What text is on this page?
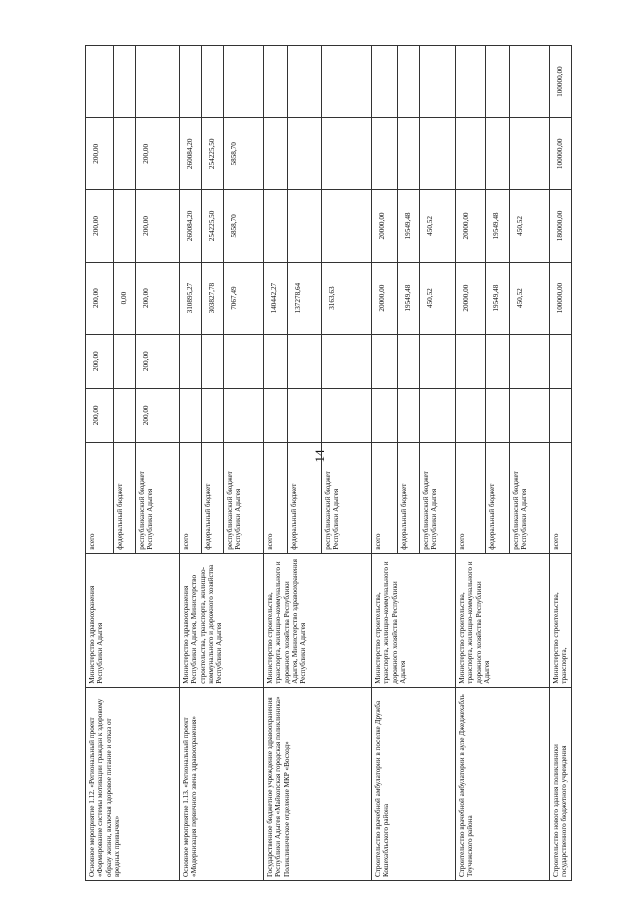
14
Основное мероприятие 1.12. «Региональный проект «Формирование системы мотивации граждан к здоровому образу жизни, включая здоровое питание и отказ от вредных привычек»	Министерство здравоохранения Республики Адыгея	всего	200,00	200,00	200,00	200,00	200,00	
		федеральный бюджет			0,00			
		республиканский бюджет Республики Адыгея	200,00	200,00	200,00	200,00	200,00	
Основное мероприятие 1.13. «Региональный проект «Модернизация первичного звена здравоохранения»	Министерство здравоохранения Республики Адыгея, Министерство строительства, транспорта, жилищно-коммунального и дорожного хозяйства Республики Адыгея	всего			310895,27	260084,20	260084,20	
		федеральный бюджет			303827,78	254225,50	254225,50	
		республиканский бюджет Республики Адыгея			7067,49	5858,70	5858,70	
Государственное бюджетное учреждение здравоохранения Республики Адыгея «Майкопская городская поликлиника» Поликлиническое отделение МКР «Восход»	Министерство строительства, транспорта, жилищно-коммунального и дорожного хозяйства Республики Адыгея, Министерство здравоохранения Республики Адыгея	всего			140442,27			
		федеральный бюджет			137278,64			
		республиканский бюджет Республики Адыгея			3163,63			
Строительство врачебной амбулатории в поселке Дружба Кошехабльского района	Министерство строительства, транспорта, жилищно-коммунального и дорожного хозяйства Республики Адыгея	всего			20000,00	20000,00		
		федеральный бюджет			19549,48	19549,48		
		республиканский бюджет Республики Адыгея			450,52	450,52		
Строительство врачебной амбулатории в ауле Джеджехабль Теучежского района	Министерство строительства, транспорта, жилищно-коммунального и дорожного хозяйства Республики Адыгея	всего			20000,00	20000,00		
		федеральный бюджет			19549,48	19549,48		
		республиканский бюджет Республики Адыгея			450,52	450,52		
Строительство нового здания поликлиники государственного бюджетного учреждения	Министерство строительства, транспорта,	всего			100000,00	180000,00	100000,00	100000,00
